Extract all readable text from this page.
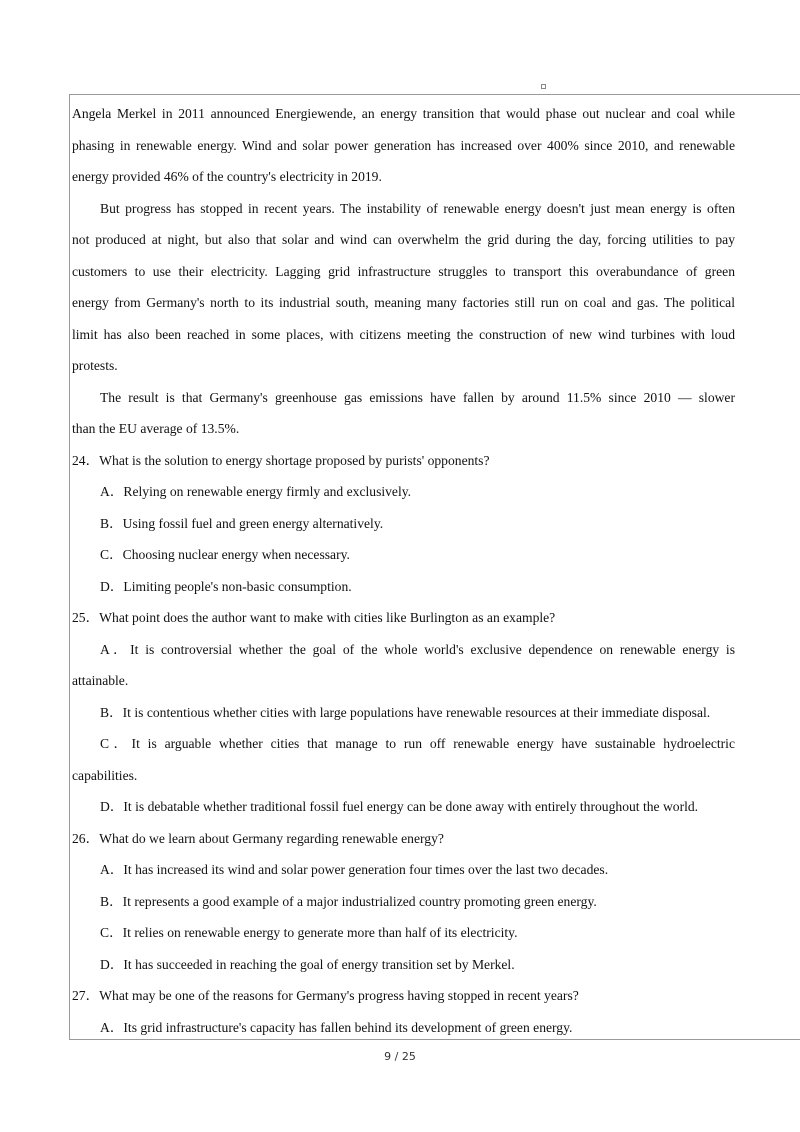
Angela Merkel in 2011 announced Energiewende, an energy transition that would phase out nuclear and coal while
phasing in renewable energy. Wind and solar power generation has increased over 400% since 2010, and renewable
energy provided 46% of the country's electricity in 2019.
But progress has stopped in recent years. The instability of renewable energy doesn't just mean energy is often
not produced at night, but also that solar and wind can overwhelm the grid during the day, forcing utilities to pay
customers to use their electricity. Lagging grid infrastructure struggles to transport this overabundance of green
energy from Germany's north to its industrial south, meaning many factories still run on coal and gas. The political
limit has also been reached in some places, with citizens meeting the construction of new wind turbines with loud
protests.
The result is that Germany's greenhouse gas emissions have fallen by around 11.5% since 2010 — slower
than the EU average of 13.5%.
24．What is the solution to energy shortage proposed by purists' opponents?
A．Relying on renewable energy firmly and exclusively.
B．Using fossil fuel and green energy alternatively.
C．Choosing nuclear energy when necessary.
D．Limiting people's non-basic consumption.
25．What point does the author want to make with cities like Burlington as an example?
A．It is controversial whether the goal of the whole world's exclusive dependence on renewable energy is
attainable.
B．It is contentious whether cities with large populations have renewable resources at their immediate disposal.
C．It is arguable whether cities that manage to run off renewable energy have sustainable hydroelectric
capabilities.
D．It is debatable whether traditional fossil fuel energy can be done away with entirely throughout the world.
26．What do we learn about Germany regarding renewable energy?
A．It has increased its wind and solar power generation four times over the last two decades.
B．It represents a good example of a major industrialized country promoting green energy.
C．It relies on renewable energy to generate more than half of its electricity.
D．It has succeeded in reaching the goal of energy transition set by Merkel.
27．What may be one of the reasons for Germany's progress having stopped in recent years?
A．Its grid infrastructure's capacity has fallen behind its development of green energy.
9 / 25
